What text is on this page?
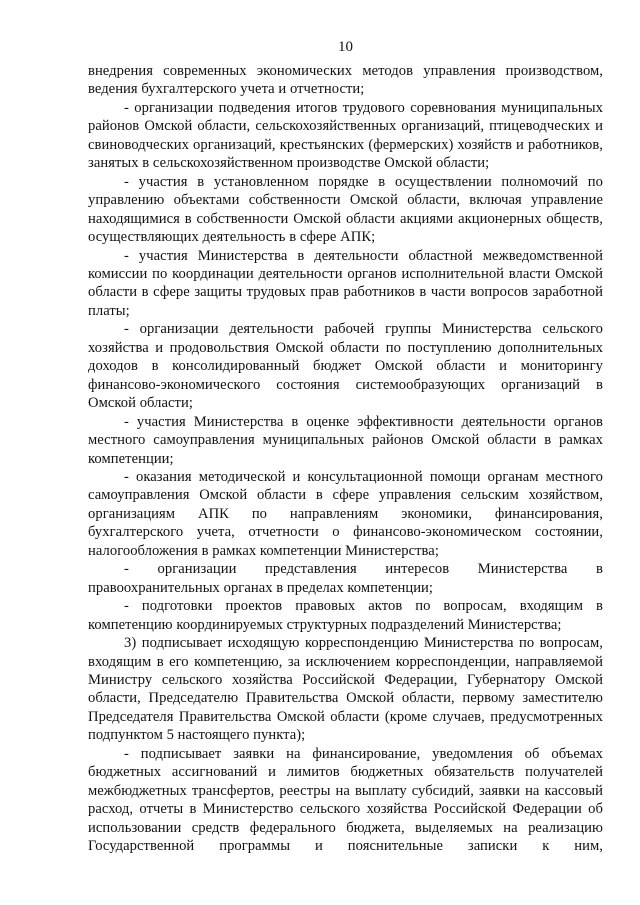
10

внедрения современных экономических методов управления производством, ведения бухгалтерского учета и отчетности;

- организации подведения итогов трудового соревнования муниципальных районов Омской области, сельскохозяйственных организаций, птицеводческих и свиноводческих организаций, крестьянских (фермерских) хозяйств и работников, занятых в сельскохозяйственном производстве Омской области;

- участия в установленном порядке в осуществлении полномочий по управлению объектами собственности Омской области, включая управление находящимися в собственности Омской области акциями акционерных обществ, осуществляющих деятельность в сфере АПК;

- участия Министерства в деятельности областной межведомственной комиссии по координации деятельности органов исполнительной власти Омской области в сфере защиты трудовых прав работников в части вопросов заработной платы;

- организации деятельности рабочей группы Министерства сельского хозяйства и продовольствия Омской области по поступлению дополнительных доходов в консолидированный бюджет Омской области и мониторингу финансово-экономического состояния системообразующих организаций в Омской области;

- участия Министерства в оценке эффективности деятельности органов местного самоуправления муниципальных районов Омской области в рамках компетенции;

- оказания методической и консультационной помощи органам местного самоуправления Омской области в сфере управления сельским хозяйством, организациям АПК по направлениям экономики, финансирования, бухгалтерского учета, отчетности о финансово-экономическом состоянии, налогообложения в рамках компетенции Министерства;

- организации представления интересов Министерства в правоохранительных органах в пределах компетенции;

- подготовки проектов правовых актов по вопросам, входящим в компетенцию координируемых структурных подразделений Министерства;

3) подписывает исходящую корреспонденцию Министерства по вопросам, входящим в его компетенцию, за исключением корреспонденции, направляемой Министру сельского хозяйства Российской Федерации, Губернатору Омской области, Председателю Правительства Омской области, первому заместителю Председателя Правительства Омской области (кроме случаев, предусмотренных подпунктом 5 настоящего пункта);

- подписывает заявки на финансирование, уведомления об объемах бюджетных ассигнований и лимитов бюджетных обязательств получателей межбюджетных трансфертов, реестры на выплату субсидий, заявки на кассовый расход, отчеты в Министерство сельского хозяйства Российской Федерации об использовании средств федерального бюджета, выделяемых на реализацию Государственной программы и пояснительные записки к ним,
